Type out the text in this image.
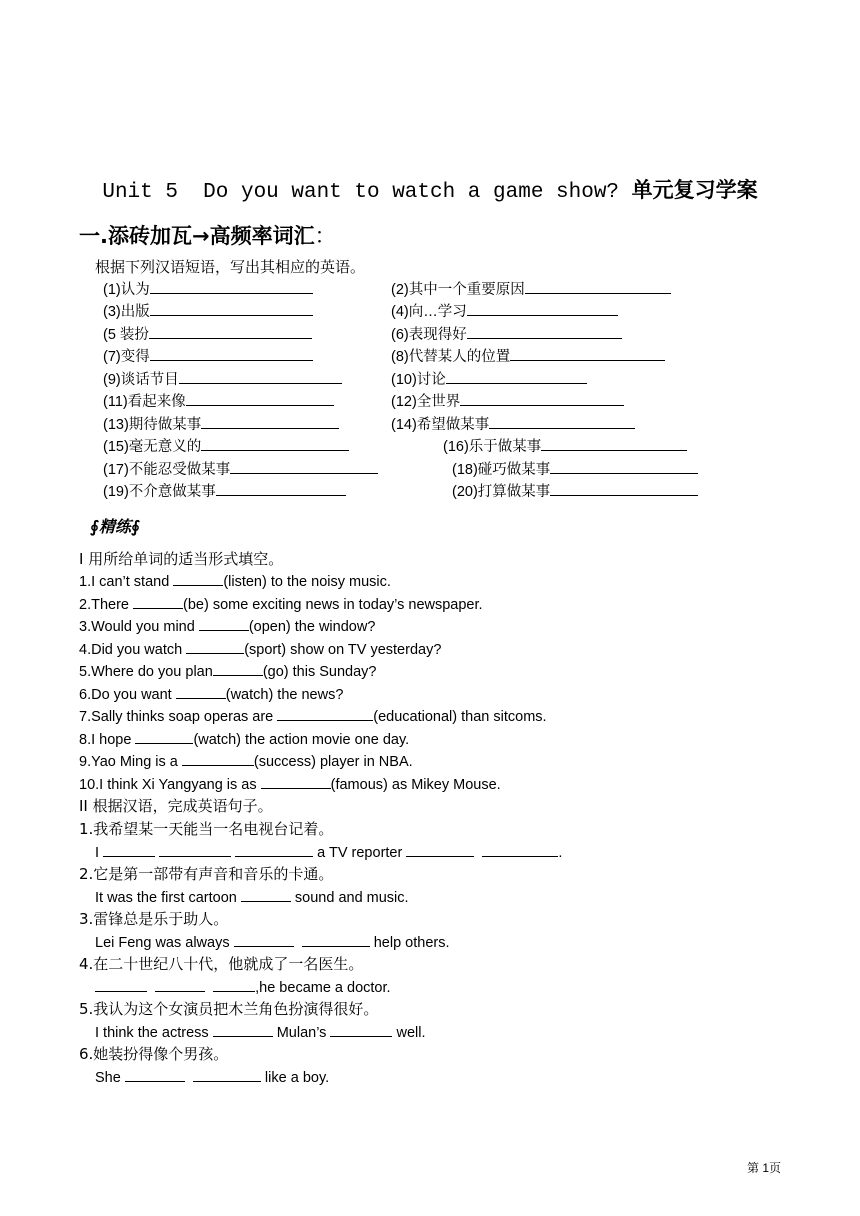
Unit 5  Do you want to watch a game show? 单元复习学案
一.添砖加瓦→高频率词汇：
根据下列汉语短语，写出其相应的英语。
(1)认为	(2)其中一个重要原因
(3)出版	(4)向…学习
(5 装扮	(6)表现得好
(7)变得	(8)代替某人的位置
(9)谈话节目	(10)讨论
(11)看起来像	(12)全世界
(13)期待做某事	(14)希望做某事
(15)毫无意义的	(16)乐于做某事
(17)不能忍受做某事	(18)碰巧做某事
(19)不介意做某事	(20)打算做某事
∮精练∮
I 用所给单词的适当形式填空。
1.I can’t stand	(listen) to the noisy music.
2.There	(be) some exciting news in today’s newspaper.
3.Would you mind	(open) the window?
4.Did you watch	(sport) show on TV yesterday?
5.Where do you plan	(go) this Sunday?
6.Do you want	(watch) the news?
7.Sally thinks soap operas are	(educational) than sitcoms.
8.I hope	(watch) the action movie one day.
9.Yao Ming is a	(success) player in NBA.
10.I think Xi Yangyang is as	(famous) as Mikey Mouse.
II 根据汉语，完成英语句子。
1.我希望某一天能当一名电视台记着。
I	a TV reporter	.
2.它是第一部带有声音和音乐的卡通。
It was the first cartoon	sound and music.
3.雷锋总是乐于助人。
Lei Feng was always	help others.
4.在二十世纪八十代，他就成了一名医生。
,he became a doctor.
5.我认为这个女演员把木兰角色扮演得很好。
I think the actress	Mulan’s	well.
6.她装扮得像个男孩。
She	like a boy.
第 1页
